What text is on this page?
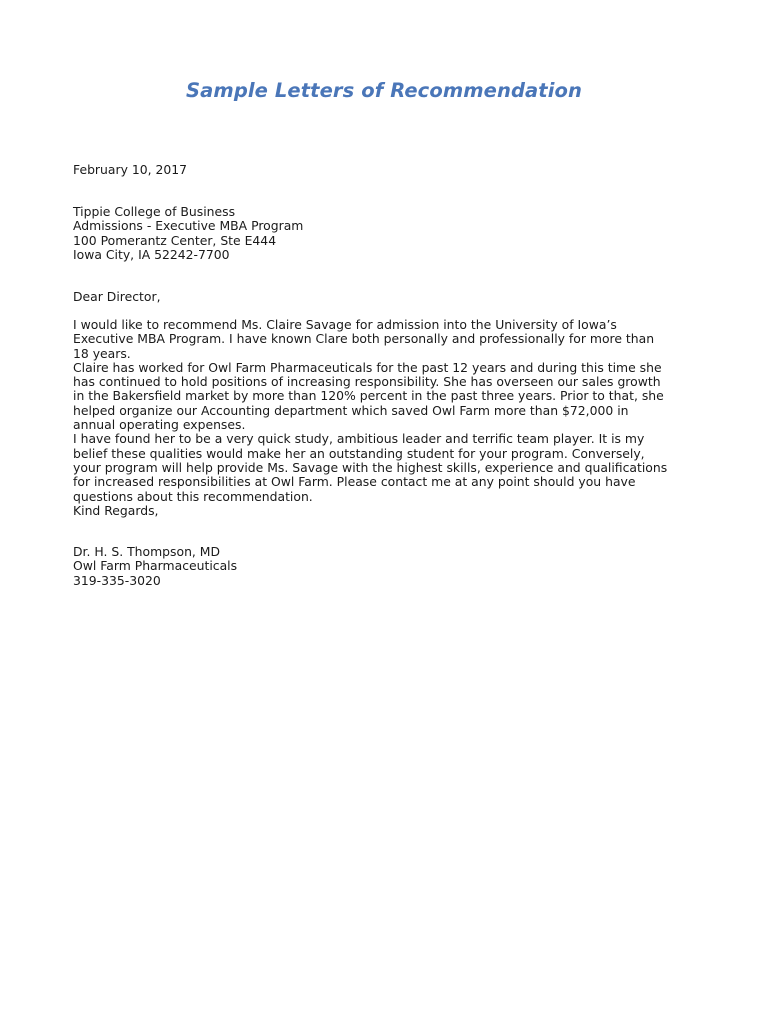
Sample Letters of Recommendation
February 10, 2017
Tippie College of Business
Admissions - Executive MBA Program
100 Pomerantz Center, Ste E444
Iowa City, IA 52242-7700
Dear Director,
I would like to recommend Ms. Claire Savage for admission into the University of Iowa’s
Executive MBA Program. I have known Clare both personally and professionally for more than
18 years.
Claire has worked for Owl Farm Pharmaceuticals for the past 12 years and during this time she
has continued to hold positions of increasing responsibility. She has overseen our sales growth
in the Bakersfield market by more than 120% percent in the past three years. Prior to that, she
helped organize our Accounting department which saved Owl Farm more than $72,000 in
annual operating expenses.
I have found her to be a very quick study, ambitious leader and terrific team player. It is my
belief these qualities would make her an outstanding student for your program. Conversely,
your program will help provide Ms. Savage with the highest skills, experience and qualifications
for increased responsibilities at Owl Farm. Please contact me at any point should you have
questions about this recommendation.
Kind Regards,
Dr. H. S. Thompson, MD
Owl Farm Pharmaceuticals
319-335-3020
